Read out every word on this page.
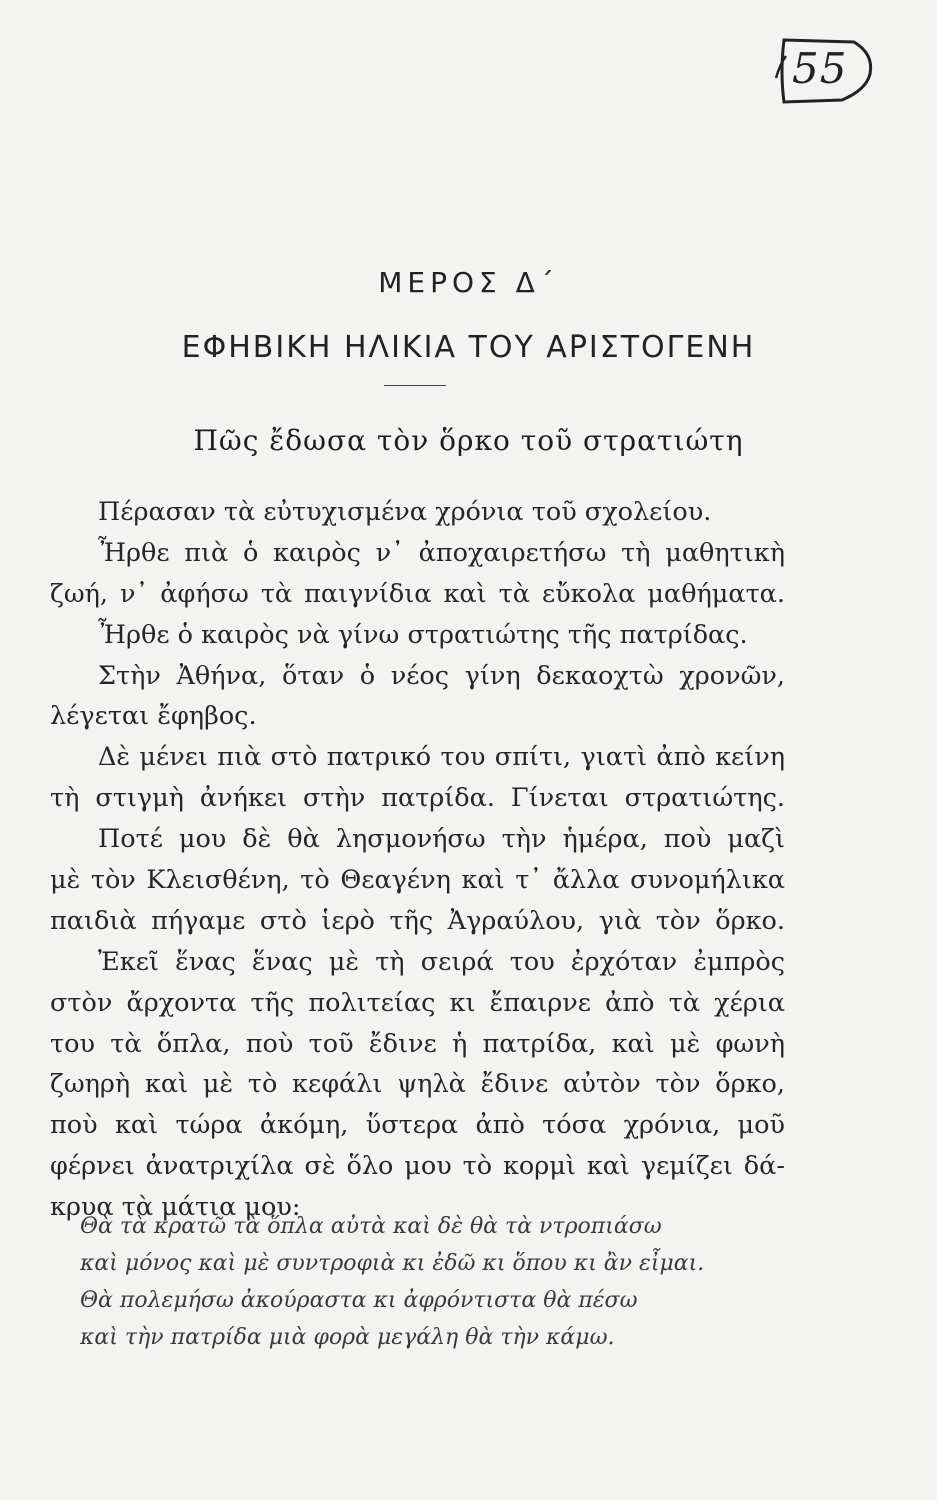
55
ΜΕΡΟΣ Δ΄
ΕΦΗΒΙΚΗ ΗΛΙΚΙΑ ΤΟΥ ΑΡΙΣΤΟΓΕΝΗ
Πῶς ἔδωσα τὸν ὅρκο τοῦ στρατιώτη
Πέρασαν τὰ εὐτυχισμένα χρόνια τοῦ σχολείου.
Ἦρθε πιὰ ὁ καιρὸς ν᾿ ἀποχαιρετήσω τὴ μαθητικὴ
ζωή, ν᾿ ἀφήσω τὰ παιγνίδια καὶ τὰ εὔκολα μαθήματα.
Ἦρθε ὁ καιρὸς νὰ γίνω στρατιώτης τῆς πατρίδας.
Στὴν Ἀθήνα, ὅταν ὁ νέος γίνη δεκαοχτὼ χρονῶν,
λέγεται ἔφηβος.
Δὲ μένει πιὰ στὸ πατρικό του σπίτι, γιατὶ ἀπὸ κείνη
τὴ στιγμὴ ἀνήκει στὴν πατρίδα. Γίνεται στρατιώτης.
Ποτέ μου δὲ θὰ λησμονήσω τὴν ἡμέρα, ποὺ μαζὶ
μὲ τὸν Κλεισθένη, τὸ Θεαγένη καὶ τ᾿ ἄλλα συνομήλικα
παιδιὰ πήγαμε στὸ ἱερὸ τῆς Ἀγραύλου, γιὰ τὸν ὅρκο.
Ἐκεῖ ἕνας ἕνας μὲ τὴ σειρά του ἐρχόταν ἐμπρὸς
στὸν ἄρχοντα τῆς πολιτείας κι ἔπαιρνε ἀπὸ τὰ χέρια
του τὰ ὅπλα, ποὺ τοῦ ἔδινε ἡ πατρίδα, καὶ μὲ φωνὴ
ζωηρὴ καὶ μὲ τὸ κεφάλι ψηλὰ ἔδινε αὐτὸν τὸν ὅρκο,
ποὺ καὶ τώρα ἀκόμη, ὕστερα ἀπὸ τόσα χρόνια, μοῦ
φέρνει ἀνατριχίλα σὲ ὅλο μου τὸ κορμὶ καὶ γεμίζει δά-
κρυα τὰ μάτια μου:
Θὰ τὰ κρατῶ τὰ ὅπλα αὐτὰ καὶ δὲ θὰ τὰ ντροπιάσω
καὶ μόνος καὶ μὲ συντροφιὰ κι ἐδῶ κι ὅπου κι ἂν εἶμαι.
Θὰ πολεμήσω ἀκούραστα κι ἀφρόντιστα θὰ πέσω
καὶ τὴν πατρίδα μιὰ φορὰ μεγάλη θὰ τὴν κάμω.
